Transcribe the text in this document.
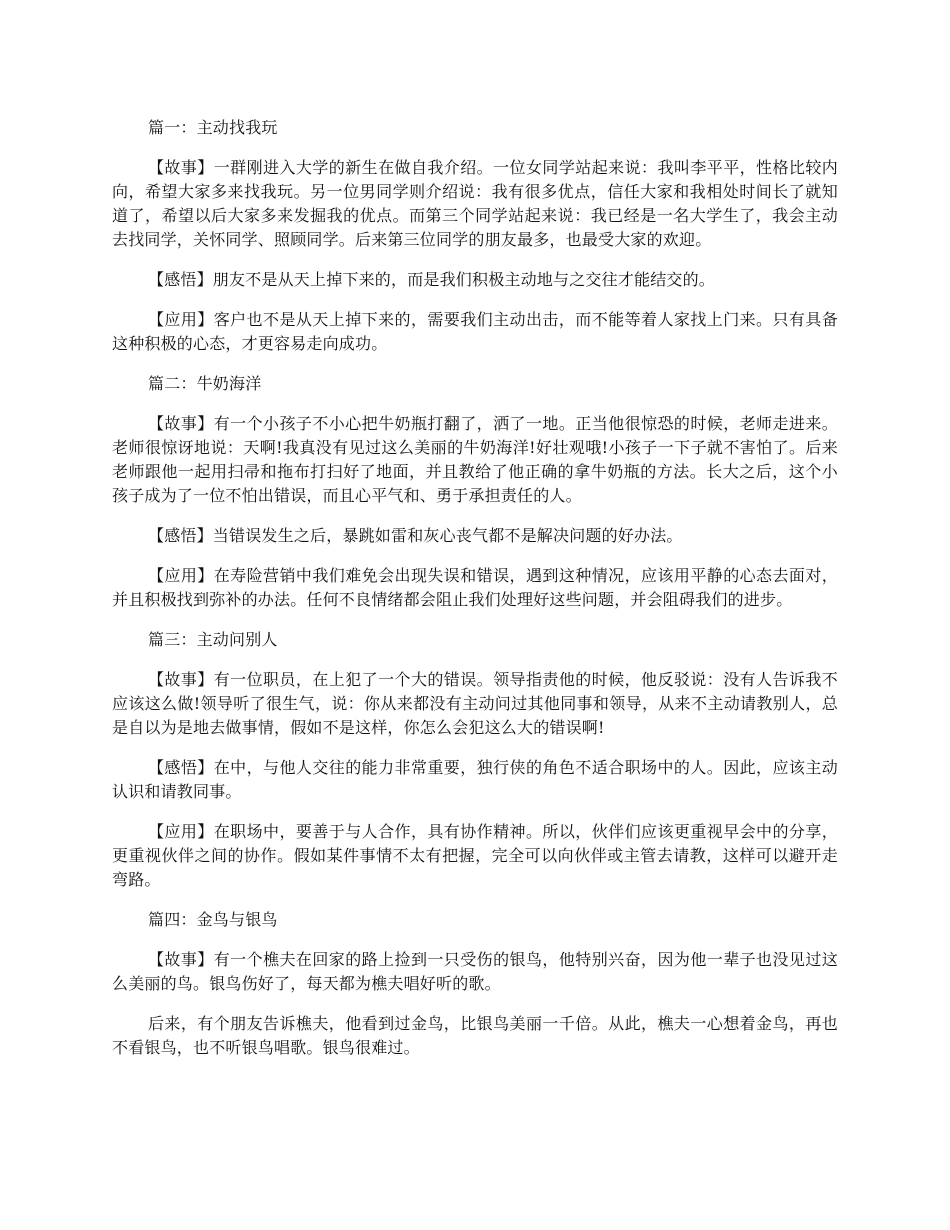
篇一：主动找我玩

【故事】一群刚进入大学的新生在做自我介绍。一位女同学站起来说：我叫李平平，性格比较内向，希望大家多来找我玩。另一位男同学则介绍说：我有很多优点，信任大家和我相处时间长了就知道了，希望以后大家多来发掘我的优点。而第三个同学站起来说：我已经是一名大学生了，我会主动去找同学，关怀同学、照顾同学。后来第三位同学的朋友最多，也最受大家的欢迎。

【感悟】朋友不是从天上掉下来的，而是我们积极主动地与之交往才能结交的。

【应用】客户也不是从天上掉下来的，需要我们主动出击，而不能等着人家找上门来。只有具备这种积极的心态，才更容易走向成功。

篇二：牛奶海洋

【故事】有一个小孩子不小心把牛奶瓶打翻了，洒了一地。正当他很惊恐的时候，老师走进来。老师很惊讶地说：天啊!我真没有见过这么美丽的牛奶海洋!好壮观哦!小孩子一下子就不害怕了。后来老师跟他一起用扫帚和拖布打扫好了地面，并且教给了他正确的拿牛奶瓶的方法。长大之后，这个小孩子成为了一位不怕出错误，而且心平气和、勇于承担责任的人。

【感悟】当错误发生之后，暴跳如雷和灰心丧气都不是解决问题的好办法。

【应用】在寿险营销中我们难免会出现失误和错误，遇到这种情况，应该用平静的心态去面对，并且积极找到弥补的办法。任何不良情绪都会阻止我们处理好这些问题，并会阻碍我们的进步。

篇三：主动问别人

【故事】有一位职员，在上犯了一个大的错误。领导指责他的时候，他反驳说：没有人告诉我不应该这么做!领导听了很生气，说：你从来都没有主动问过其他同事和领导，从来不主动请教别人，总是自以为是地去做事情，假如不是这样，你怎么会犯这么大的错误啊!

【感悟】在中，与他人交往的能力非常重要，独行侠的角色不适合职场中的人。因此，应该主动认识和请教同事。

【应用】在职场中，要善于与人合作，具有协作精神。所以，伙伴们应该更重视早会中的分享，更重视伙伴之间的协作。假如某件事情不太有把握，完全可以向伙伴或主管去请教，这样可以避开走弯路。

篇四：金鸟与银鸟

【故事】有一个樵夫在回家的路上捡到一只受伤的银鸟，他特别兴奋，因为他一辈子也没见过这么美丽的鸟。银鸟伤好了，每天都为樵夫唱好听的歌。

后来，有个朋友告诉樵夫，他看到过金鸟，比银鸟美丽一千倍。从此，樵夫一心想着金鸟，再也不看银鸟，也不听银鸟唱歌。银鸟很难过。
